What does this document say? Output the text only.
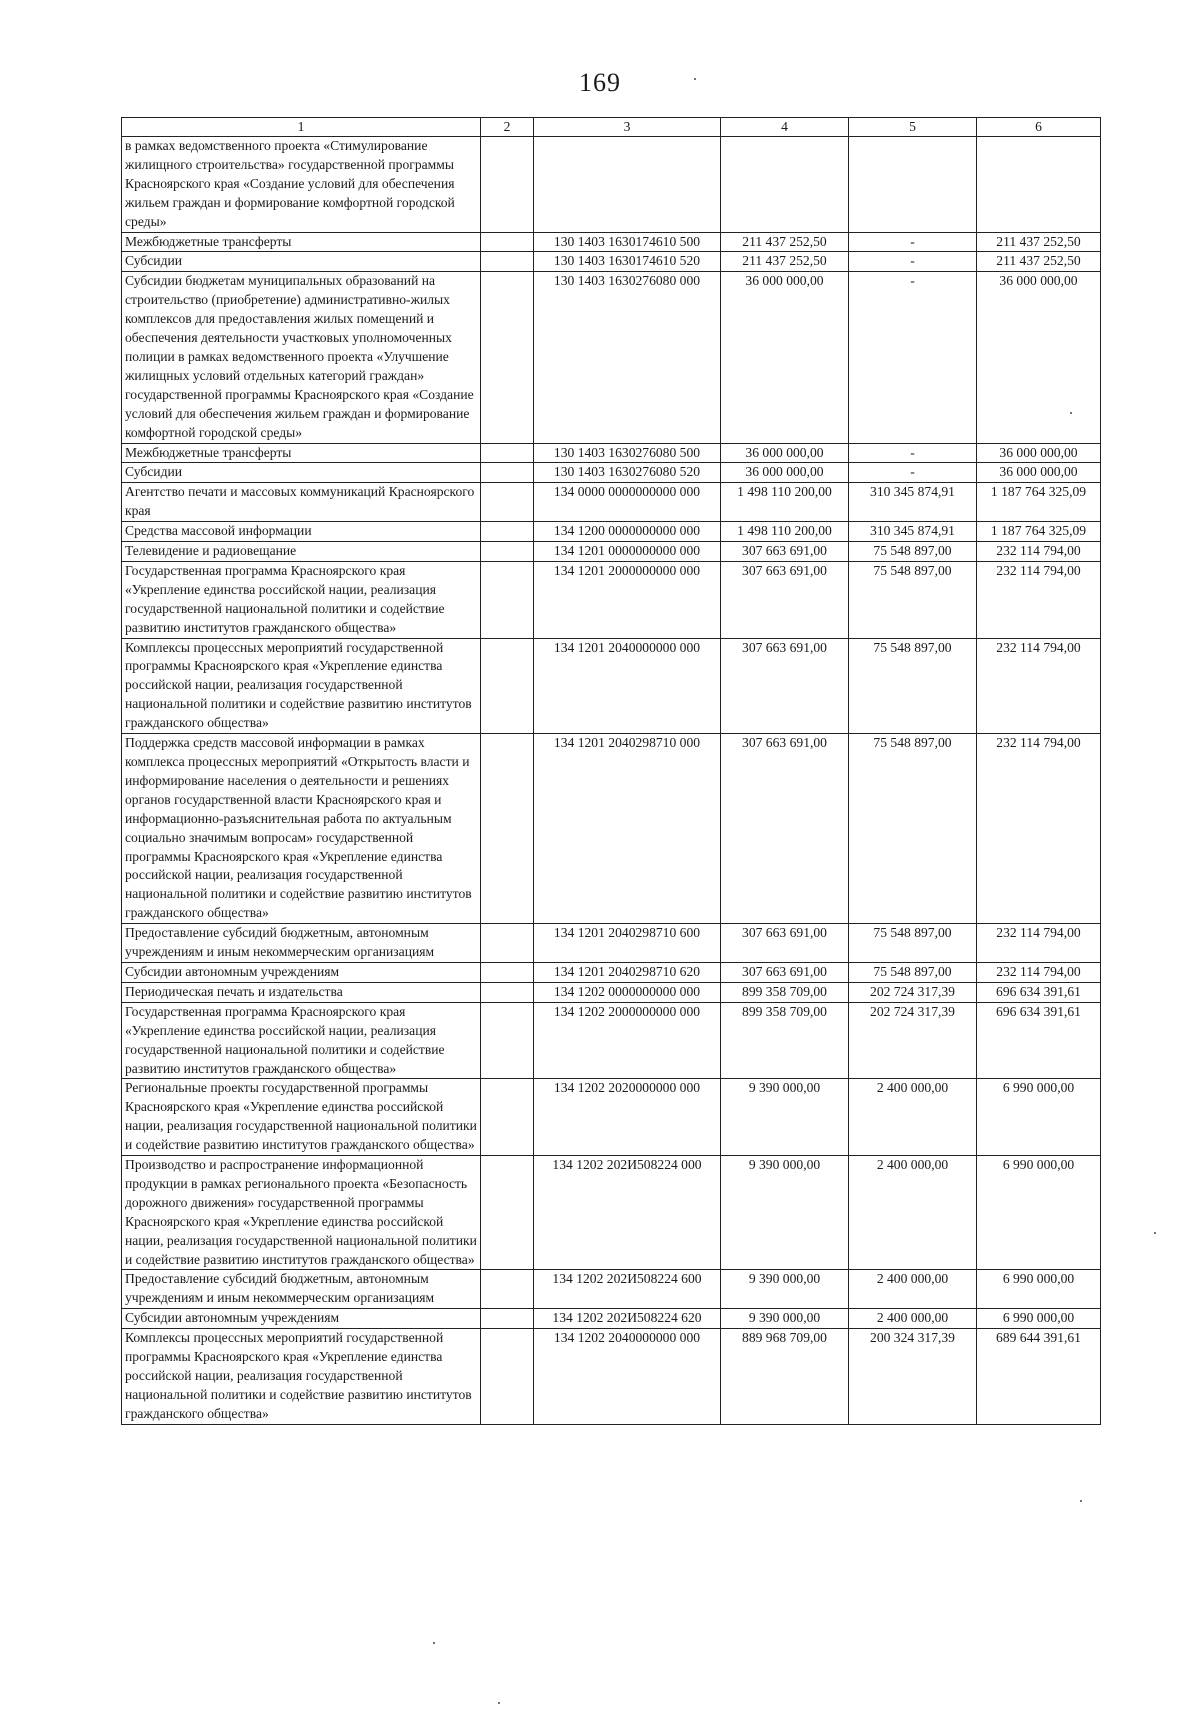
169
1	2	3	4	5	6
в рамках ведомственного проекта «Стимулирование жилищного строительства» государственной программы Красноярского края «Создание условий для обеспечения жильем граждан и формирование комфортной городской среды»					
Межбюджетные трансферты		130 1403 1630174610 500	211 437 252,50	-	211 437 252,50
Субсидии		130 1403 1630174610 520	211 437 252,50	-	211 437 252,50
Субсидии бюджетам муниципальных образований на строительство (приобретение) административно-жилых комплексов для предоставления жилых помещений и обеспечения деятельности участковых уполномоченных полиции в рамках ведомственного проекта «Улучшение жилищных условий отдельных категорий граждан» государственной программы Красноярского края «Создание условий для обеспечения жильем граждан и формирование комфортной городской среды»		130 1403 1630276080 000	36 000 000,00	-	36 000 000,00
Межбюджетные трансферты		130 1403 1630276080 500	36 000 000,00	-	36 000 000,00
Субсидии		130 1403 1630276080 520	36 000 000,00	-	36 000 000,00
Агентство печати и массовых коммуникаций Красноярского края		134 0000 0000000000 000	1 498 110 200,00	310 345 874,91	1 187 764 325,09
Средства массовой информации		134 1200 0000000000 000	1 498 110 200,00	310 345 874,91	1 187 764 325,09
Телевидение и радиовещание		134 1201 0000000000 000	307 663 691,00	75 548 897,00	232 114 794,00
Государственная программа Красноярского края «Укрепление единства российской нации, реализация государственной национальной политики и содействие развитию институтов гражданского общества»		134 1201 2000000000 000	307 663 691,00	75 548 897,00	232 114 794,00
Комплексы процессных мероприятий государственной программы Красноярского края «Укрепление единства российской нации, реализация государственной национальной политики и содействие развитию институтов гражданского общества»		134 1201 2040000000 000	307 663 691,00	75 548 897,00	232 114 794,00
Поддержка средств массовой информации в рамках комплекса процессных мероприятий «Открытость власти и информирование населения о деятельности и решениях органов государственной власти Красноярского края и информационно-разъяснительная работа по актуальным социально значимым вопросам» государственной программы Красноярского края «Укрепление единства российской нации, реализация государственной национальной политики и содействие развитию институтов гражданского общества»		134 1201 2040298710 000	307 663 691,00	75 548 897,00	232 114 794,00
Предоставление субсидий бюджетным, автономным учреждениям и иным некоммерческим организациям		134 1201 2040298710 600	307 663 691,00	75 548 897,00	232 114 794,00
Субсидии автономным учреждениям		134 1201 2040298710 620	307 663 691,00	75 548 897,00	232 114 794,00
Периодическая печать и издательства		134 1202 0000000000 000	899 358 709,00	202 724 317,39	696 634 391,61
Государственная программа Красноярского края «Укрепление единства российской нации, реализация государственной национальной политики и содействие развитию институтов гражданского общества»		134 1202 2000000000 000	899 358 709,00	202 724 317,39	696 634 391,61
Региональные проекты государственной программы Красноярского края «Укрепление единства российской нации, реализация государственной национальной политики и содействие развитию институтов гражданского общества»		134 1202 2020000000 000	9 390 000,00	2 400 000,00	6 990 000,00
Производство и распространение информационной продукции в рамках регионального проекта «Безопасность дорожного движения» государственной программы Красноярского края «Укрепление единства российской нации, реализация государственной национальной политики и содействие развитию институтов гражданского общества»		134 1202 202И508224 000	9 390 000,00	2 400 000,00	6 990 000,00
Предоставление субсидий бюджетным, автономным учреждениям и иным некоммерческим организациям		134 1202 202И508224 600	9 390 000,00	2 400 000,00	6 990 000,00
Субсидии автономным учреждениям		134 1202 202И508224 620	9 390 000,00	2 400 000,00	6 990 000,00
Комплексы процессных мероприятий государственной программы Красноярского края «Укрепление единства российской нации, реализация государственной национальной политики и содействие развитию институтов гражданского общества»		134 1202 2040000000 000	889 968 709,00	200 324 317,39	689 644 391,61
